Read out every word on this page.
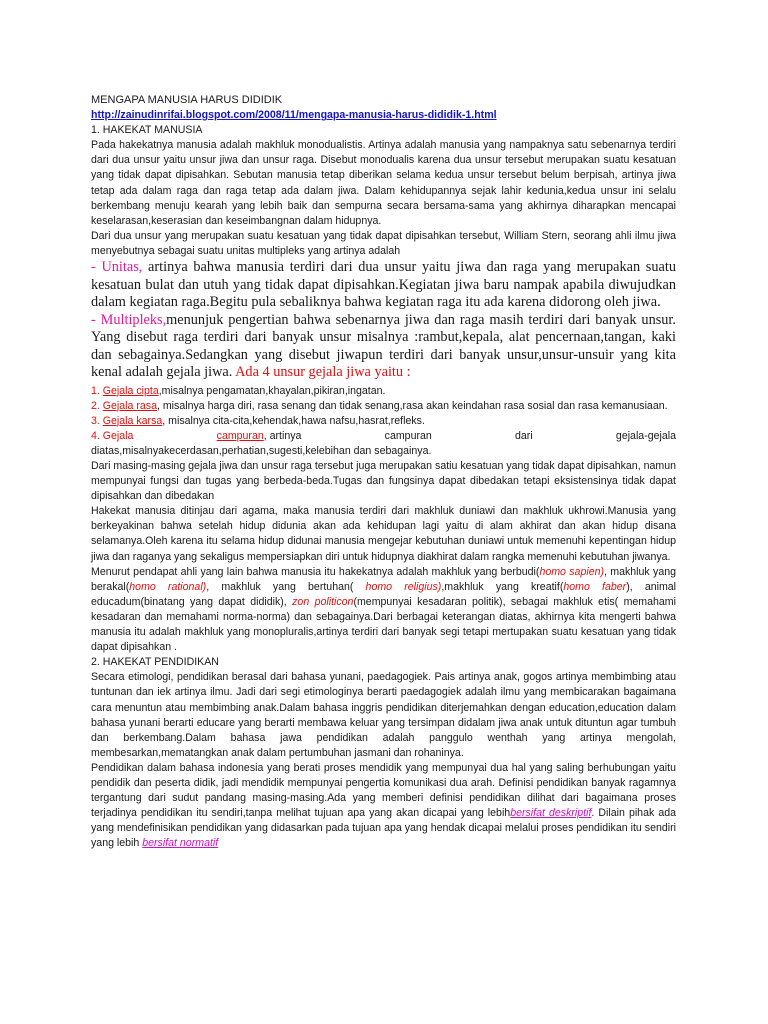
MENGAPA MANUSIA HARUS DIDIDIK

http://zainudinrifai.blogspot.com/2008/11/mengapa-manusia-harus-dididik-1.html

1. HAKEKAT MANUSIA

Pada hakekatnya manusia adalah makhluk monodualistis. Artinya adalah manusia yang nampaknya satu sebenarnya terdiri dari dua unsur yaitu unsur jiwa dan unsur raga. Disebut monodualis karena dua unsur tersebut merupakan suatu kesatuan yang tidak dapat dipisahkan. Sebutan manusia tetap diberikan selama kedua unsur tersebut belum berpisah, artinya jiwa tetap ada dalam raga dan raga tetap ada dalam jiwa. Dalam kehidupannya sejak lahir kedunia,kedua unsur ini selalu berkembang menuju kearah yang lebih baik dan sempurna secara bersama-sama yang akhirnya diharapkan mencapai keselarasan,keserasian dan keseimbangnan dalam hidupnya.

Dari dua unsur yang merupakan suatu kesatuan yang tidak dapat dipisahkan tersebut, William Stern, seorang ahli ilmu jiwa menyebutnya sebagai suatu unitas multipleks yang artinya adalah

- Unitas, artinya bahwa manusia terdiri dari dua unsur yaitu jiwa dan raga yang merupakan suatu kesatuan bulat dan utuh yang tidak dapat dipisahkan.Kegiatan jiwa baru nampak apabila diwujudkan dalam kegiatan raga.Begitu pula sebaliknya bahwa kegiatan raga itu ada karena didorong oleh jiwa.

- Multipleks,menunjuk pengertian bahwa sebenarnya jiwa dan raga masih terdiri dari banyak unsur. Yang disebut raga terdiri dari banyak unsur misalnya :rambut,kepala, alat pencernaan,tangan, kaki dan sebagainya.Sedangkan yang disebut jiwapun terdiri dari banyak unsur,unsur-unsuir yang kita kenal adalah gejala jiwa. Ada 4 unsur gejala jiwa yaitu :

1. Gejala cipta,misalnya pengamatan,khayalan,pikiran,ingatan.

2. Gejala rasa, misalnya harga diri, rasa senang dan tidak senang,rasa akan keindahan rasa sosial dan rasa kemanusiaan.

3. Gejala karsa, misalnya cita-cita,kehendak,hawa nafsu,hasrat,refleks.

4. Gejala	campuran, artinya	campuran	dari	gejala-gejala

diatas,misalnyakecerdasan,perhatian,sugesti,kelebihan dan sebagainya.

Dari masing-masing gejala jiwa dan unsur raga tersebut juga merupakan satiu kesatuan yang tidak dapat dipisahkan, namun mempunyai fungsi dan tugas yang berbeda-beda.Tugas dan fungsinya dapat dibedakan tetapi eksistensinya tidak dapat dipisahkan dan dibedakan

Hakekat manusia ditinjau dari agama, maka manusia terdiri dari makhluk duniawi dan makhluk ukhrowi.Manusia yang berkeyakinan bahwa setelah hidup didunia akan ada kehidupan lagi yaitu di alam akhirat dan akan hidup disana selamanya.Oleh karena itu selama hidup didunai manusia mengejar kebutuhan duniawi untuk memenuhi kepentingan hidup jiwa dan raganya yang sekaligus mempersiapkan diri untuk hidupnya diakhirat dalam rangka memenuhi kebutuhan jiwanya.

Menurut pendapat ahli yang lain bahwa manusia itu hakekatnya adalah makhluk yang berbudi(homo sapien), makhluk yang berakal(homo rational), makhluk yang bertuhan( homo religius),makhluk yang kreatif(homo faber), animal educadum(binatang yang dapat dididik), zon politicon(mempunyai kesadaran politik), sebagai makhluk etis( memahami kesadaran dan memahami norma-norma) dan sebagainya.Dari berbagai keterangan diatas, akhirnya kita mengerti bahwa manusia itu adalah makhluk yang monopluralis,artinya terdiri dari banyak segi tetapi mertupakan suatu kesatuan yang tidak dapat dipisahkan .

2. HAKEKAT PENDIDIKAN

Secara etimologi, pendidikan berasal dari bahasa yunani, paedagogiek. Pais artinya anak, gogos artinya membimbing atau tuntunan dan iek artinya ilmu. Jadi dari segi etimologinya berarti paedagogiek adalah ilmu yang membicarakan bagaimana cara menuntun atau membimbing anak.Dalam bahasa inggris pendidikan diterjemahkan dengan education,education dalam bahasa yunani berarti educare yang berarti membawa keluar yang tersimpan didalam jiwa anak untuk dituntun agar tumbuh dan berkembang.Dalam bahasa jawa pendidikan adalah panggulo wenthah yang artinya mengolah, membesarkan,mematangkan anak dalam pertumbuhan jasmani dan rohaninya.

Pendidikan dalam bahasa indonesia yang berati proses mendidik yang mempunyai dua hal yang saling berhubungan yaitu pendidik dan peserta didik, jadi mendidik mempunyai pengertia komunikasi dua arah. Definisi pendidikan banyak ragamnya tergantung dari sudut pandang masing-masing.Ada yang memberi definisi pendidikan dilihat dari bagaimana proses terjadinya pendidikan itu sendiri,tanpa melihat tujuan apa yang akan dicapai yang lebihbersifat deskriptif. Dilain pihak ada yang mendefinisikan pendidikan yang didasarkan pada tujuan apa yang hendak dicapai melalui proses pendidikan itu sendiri yang lebih bersifat normatif
